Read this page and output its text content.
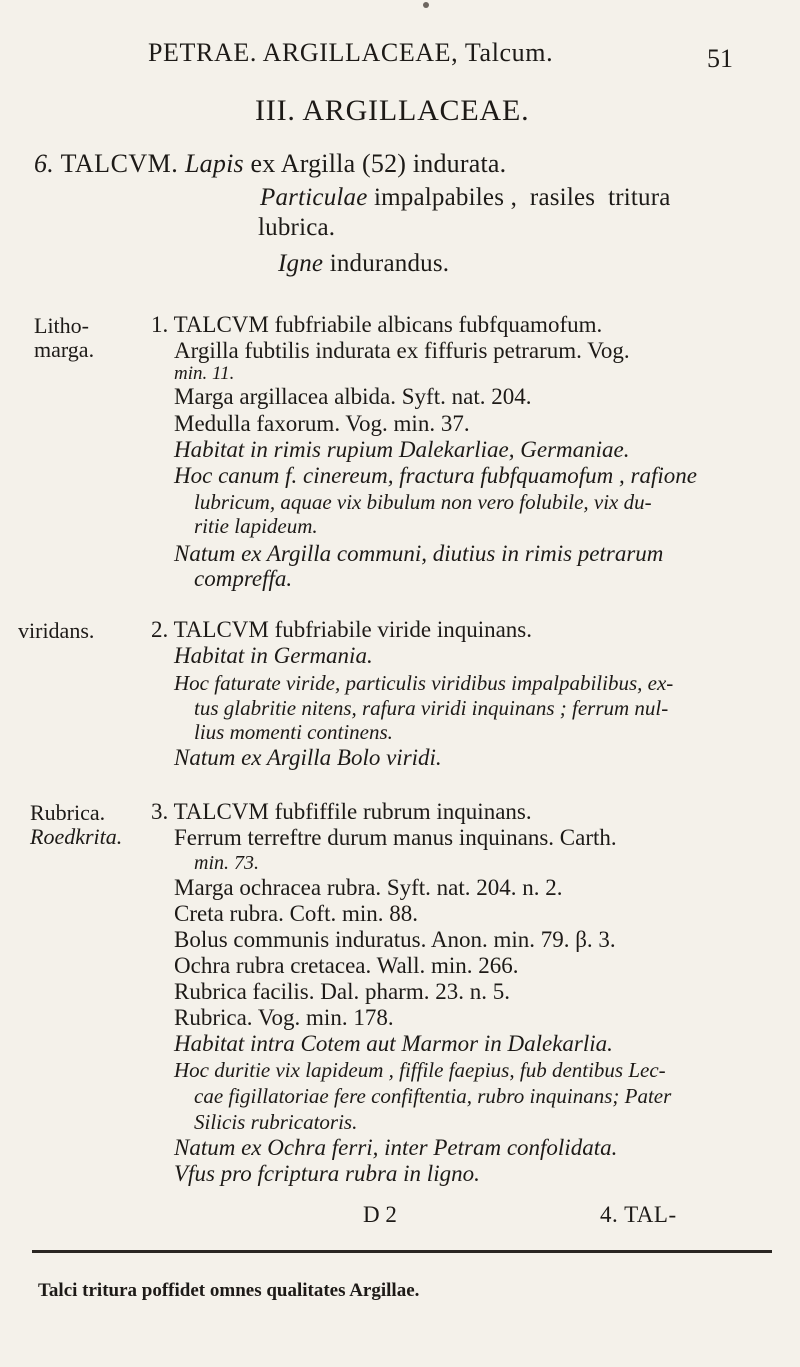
PETRAE. ARGILLACEAE, Talcum.	51
III. ARGILLACEAE.
6. TALCVM. Lapis ex Argilla (52) indurata.
Particulae impalpabiles ,  rasiles  tritura
lubrica.
Igne indurandus.
Litho-
marga.
1. TALCVM fubfriabile albicans fubfquamofum.
Argilla fubtilis indurata ex fiffuris petrarum. Vog.
min. 11.
Marga argillacea albida. Syft. nat. 204.
Medulla faxorum. Vog. min. 37.
Habitat in rimis rupium Dalekarliae, Germaniae.
Hoc canum f. cinereum, fractura fubfquamofum , rafione
lubricum, aquae vix bibulum non vero folubile, vix du-
ritie lapideum.
Natum ex Argilla communi, diutius in rimis petrarum
compreffa.
viridans. 2. TALCVM fubfriabile viride inquinans.
Habitat in Germania.
Hoc faturate viride, particulis viridibus impalpabilibus, ex-
tus glabritie nitens, rafura viridi inquinans ; ferrum nul-
lius momenti continens.
Natum ex Argilla Bolo viridi.
Rubrica.
Roedkrita.
3. TALCVM fubfiffile rubrum inquinans.
Ferrum terreftre durum manus inquinans. Carth.
min. 73.
Marga ochracea rubra. Syft. nat. 204. n. 2.
Creta rubra. Coft. min. 88.
Bolus communis induratus. Anon. min. 79. β. 3.
Ochra rubra cretacea. Wall. min. 266.
Rubrica facilis. Dal. pharm. 23. n. 5.
Rubrica. Vog. min. 178.
Habitat intra Cotem aut Marmor in Dalekarlia.
Hoc duritie vix lapideum , fiffile faepius, fub dentibus Lec-
cae figillatoriae fere confiftentia, rubro inquinans; Pater
Silicis rubricatoris.
Natum ex Ochra ferri, inter Petram confolidata.
Vfus pro fcriptura rubra in ligno.
D 2	4. TAL-
Talci tritura poffidet omnes qualitates Argillae.
